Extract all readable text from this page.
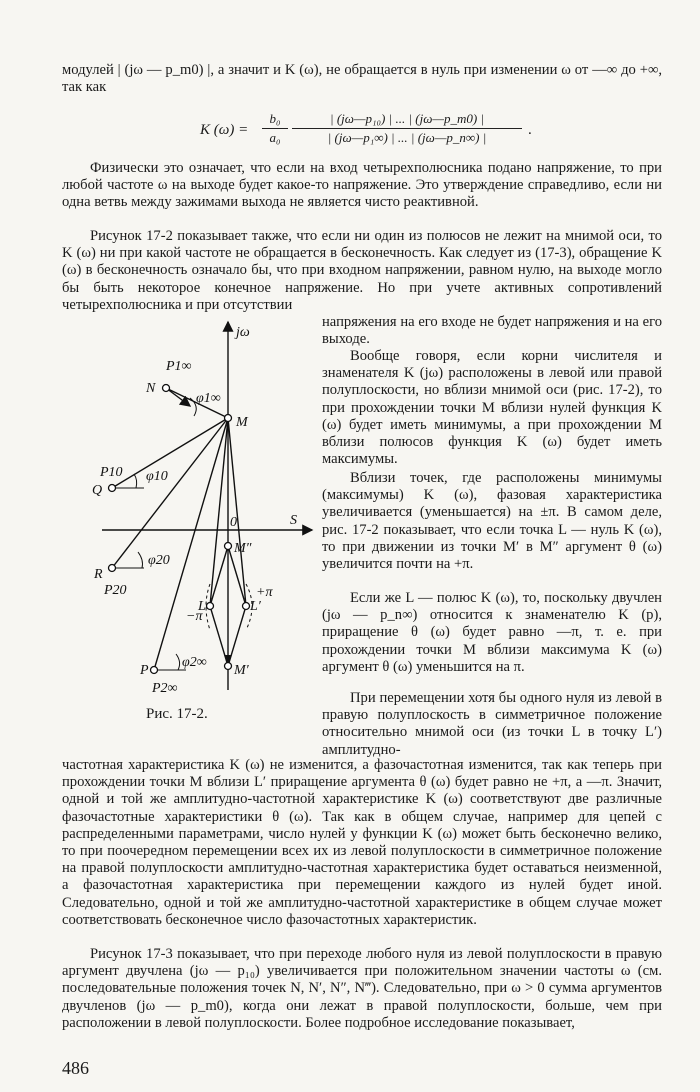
модулей | (jω — p_m0) |, а значит и K (ω), не обращается в нуль при изменении ω от —∞ до +∞, так как

K (ω) =
b₀
a₀
| (jω—p₁₀) | ... | (jω—p_m0) |
| (jω—p₁∞) | ... | (jω—p_n∞) |	.

Физически это означает, что если на вход четырехполюсника подано напряжение, то при любой частоте ω на выходе будет какое-то напряжение. Это утверждение справедливо, если ни одна ветвь между зажимами выхода не является чисто реактивной.

Рисунок 17-2 показывает также, что если ни один из полюсов не лежит на мнимой оси, то K (ω) ни при какой частоте не обращается в бесконечность. Как следует из (17-3), обращение K (ω) в бесконечность означало бы, что при входном напряжении, равном нулю, на выходе могло бы быть некоторое конечное напряжение. Но при учете активных сопротивлений четырехполюсника и при отсутствии

напряжения на его входе не будет напряжения и на его выходе.

Вообще говоря, если корни числителя и знаменателя K (jω) расположены в левой или правой полуплоскости, но вблизи мнимой оси (рис. 17-2), то при прохождении точки M вблизи нулей функция K (ω) будет иметь минимумы, а при прохождении M вблизи полюсов функция K (ω) будет иметь максимумы.

Вблизи точек, где расположены минимумы (максимумы) K (ω), фазовая характеристика увеличивается (уменьшается) на ±π. В самом деле, рис. 17-2 показывает, что если точка L — нуль K (ω), то при движении из точки M′ в M″ аргумент θ (ω) увеличится почти на +π.

Если же L — полюс K (ω), то, поскольку двучлен (jω — p_n∞) относится к знаменателю K (p), приращение θ (ω) будет равно —π, т. е. при прохождении точки M вблизи максимума K (ω) аргумент θ (ω) уменьшится на π.

При перемещении хотя бы одного нуля из левой в правую полуплоскость в симметричное положение относительно мнимой оси (из точки L в точку L′) амплитудно-

частотная характеристика K (ω) не изменится, а фазочастотная изменится, так как теперь при прохождении точки M вблизи L′ приращение аргумента θ (ω) будет равно не +π, а —π. Значит, одной и той же амплитудно-частотной характеристике K (ω) соответствуют две различные фазочастотные характеристики θ (ω). Так как в общем случае, например для цепей с распределенными параметрами, число нулей у функции K (ω) может быть бесконечно велико, то при поочередном перемещении всех их из левой полуплоскости в симметричное положение на правой полуплоскости амплитудно-частотная характеристика будет оставаться неизменной, а фазочастотная характеристика при перемещении каждого из нулей будет иной. Следовательно, одной и той же амплитудно-частотной характеристике в общем случае может соответствовать бесконечное число фазочастотных характеристик.

Рисунок 17-3 показывает, что при переходе любого нуля из левой полуплоскости в правую аргумент двучлена (jω — p₁₀) увеличивается при положительном значении частоты ω (см. последовательные положения точек N, N′, N″, N‴). Следовательно, при ω > 0 сумма аргументов двучленов (jω — p_m0), когда они лежат в правой полуплоскости, больше, чем при расположении в левой полуплоскости. Более подробное исследование показывает,

Рис. 17-2.
486
jω
S
0
M
M″
M′
N
Q
R
P
L	L′
P1∞
P10
P20
P2∞
φ1∞
φ10
φ20
φ2∞
+π
−π
